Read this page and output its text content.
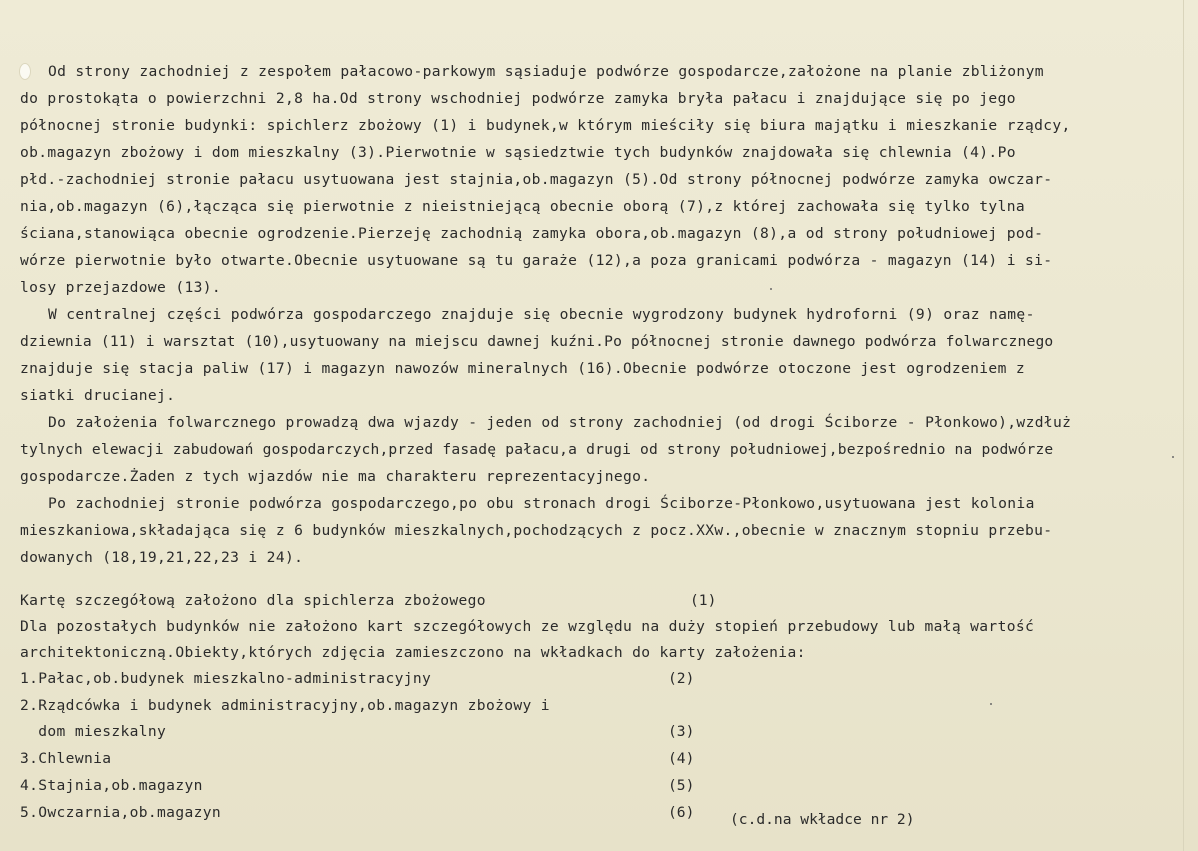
Od strony zachodniej z zespołem pałacowo-parkowym sąsiaduje podwórze gospodarcze,założone na planie zbliżonym
do prostokąta o powierzchni 2,8 ha.Od strony wschodniej podwórze zamyka bryła pałacu i znajdujące się po jego
północnej stronie budynki: spichlerz zbożowy (1) i budynek,w którym mieściły się biura majątku i mieszkanie rządcy,
ob.magazyn zbożowy i dom mieszkalny (3).Pierwotnie w sąsiedztwie tych budynków znajdowała się chlewnia (4).Po
płd.-zachodniej stronie pałacu usytuowana jest stajnia,ob.magazyn (5).Od strony północnej podwórze zamyka owczar-
nia,ob.magazyn (6),łącząca się pierwotnie z nieistniejącą obecnie oborą (7),z której zachowała się tylko tylna
ściana,stanowiąca obecnie ogrodzenie.Pierzeję zachodnią zamyka obora,ob.magazyn (8),a od strony południowej pod-
wórze pierwotnie było otwarte.Obecnie usytuowane są tu garaże (12),a poza granicami podwórza - magazyn (14) i si-
losy przejazdowe (13).
W centralnej części podwórza gospodarczego znajduje się obecnie wygrodzony budynek hydroforni (9) oraz namę-
dziewnia (11) i warsztat (10),usytuowany na miejscu dawnej kuźni.Po północnej stronie dawnego podwórza folwarcznego
znajduje się stacja paliw (17) i magazyn nawozów mineralnych (16).Obecnie podwórze otoczone jest ogrodzeniem z
siatki drucianej.
Do założenia folwarcznego prowadzą dwa wjazdy - jeden od strony zachodniej (od drogi Ściborze - Płonkowo),wzdłuż
tylnych elewacji zabudowań gospodarczych,przed fasadę pałacu,a drugi od strony południowej,bezpośrednio na podwórze
gospodarcze.Żaden z tych wjazdów nie ma charakteru reprezentacyjnego.
Po zachodniej stronie podwórza gospodarczego,po obu stronach drogi Ściborze-Płonkowo,usytuowana jest kolonia
mieszkaniowa,składająca się z 6 budynków mieszkalnych,pochodzących z pocz.XXw.,obecnie w znacznym stopniu przebu-
dowanych (18,19,21,22,23 i 24).
Kartę szczegółową założono dla spichlerza zbożowego	(1)
Dla pozostałych budynków nie założono kart szczegółowych ze względu na duży stopień przebudowy lub małą wartość
architektoniczną.Obiekty,których zdjęcia zamieszczono na wkładkach do karty założenia:
1.Pałac,ob.budynek mieszkalno-administracyjny	(2)
2.Rządcówka i budynek administracyjny,ob.magazyn zbożowy i
dom mieszkalny	(3)
3.Chlewnia	(4)
4.Stajnia,ob.magazyn	(5)
5.Owczarnia,ob.magazyn	(6) (c.d.na wkładce nr 2)
